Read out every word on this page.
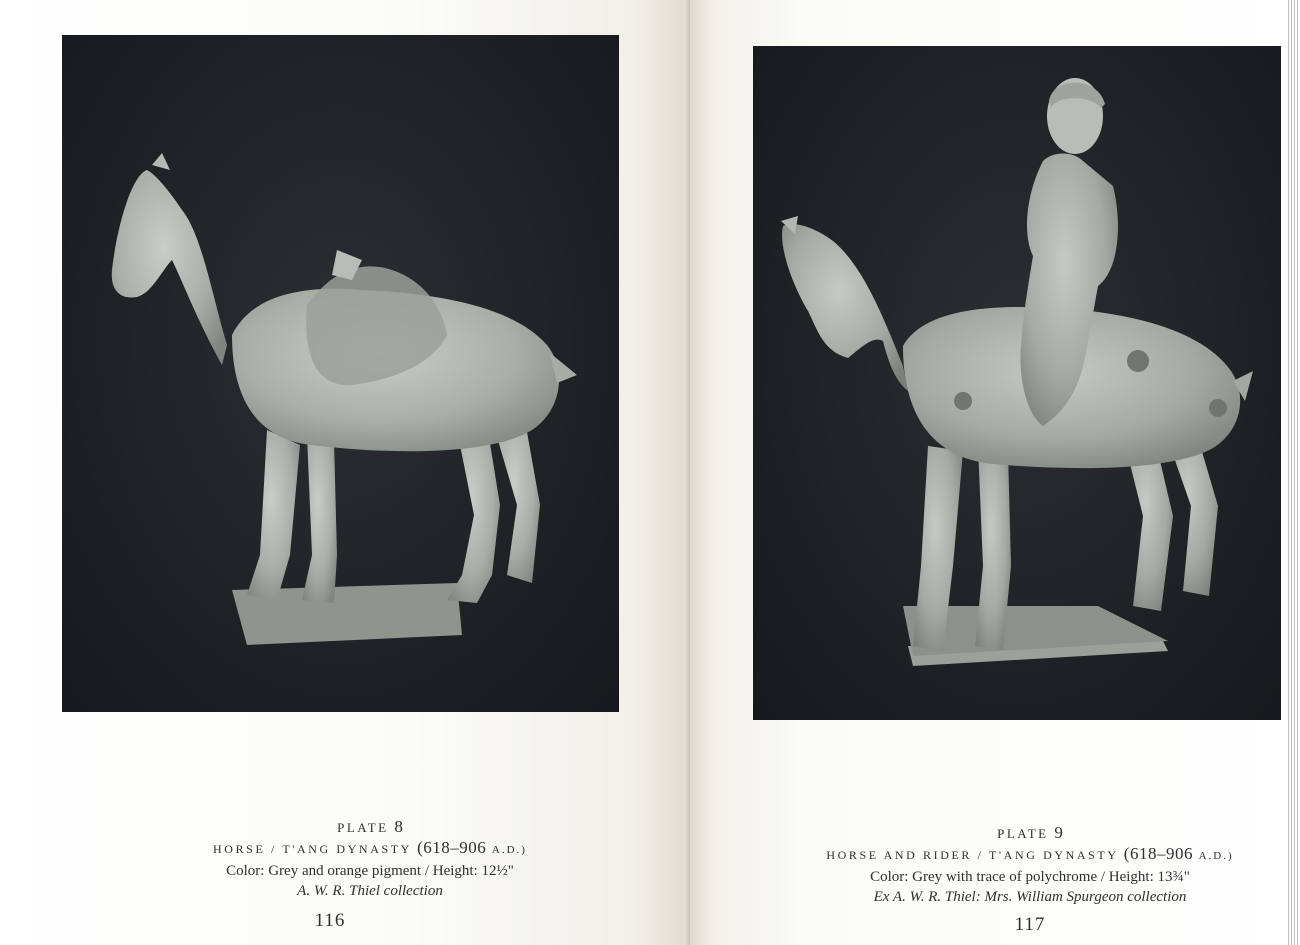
PLATE 8
HORSE / T'ANG DYNASTY (618–906 A.D.)
Color: Grey and orange pigment / Height: 12½"
A. W. R. Thiel collection
116
PLATE 9
HORSE AND RIDER / T'ANG DYNASTY (618–906 A.D.)
Color: Grey with trace of polychrome / Height: 13¾"
Ex A. W. R. Thiel: Mrs. William Spurgeon collection
117
